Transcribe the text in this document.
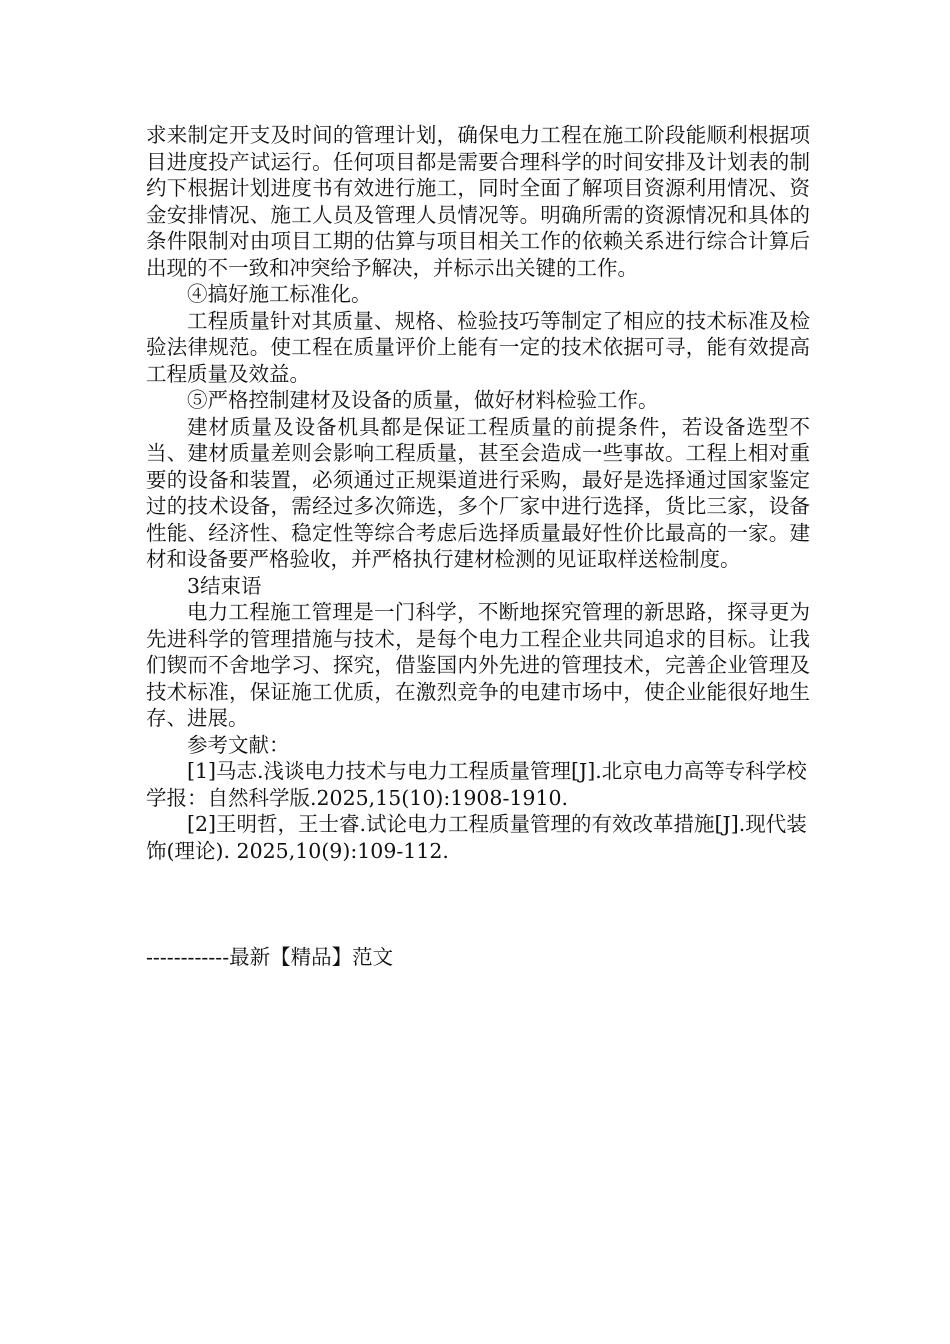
求来制定开支及时间的管理计划，确保电力工程在施工阶段能顺利根据项目进度投产试运行。任何项目都是需要合理科学的时间安排及计划表的制约下根据计划进度书有效进行施工，同时全面了解项目资源利用情况、资金安排情况、施工人员及管理人员情况等。明确所需的资源情况和具体的条件限制对由项目工期的估算与项目相关工作的依赖关系进行综合计算后出现的不一致和冲突给予解决，并标示出关键的工作。

④搞好施工标准化。

工程质量针对其质量、规格、检验技巧等制定了相应的技术标准及检验法律规范。使工程在质量评价上能有一定的技术依据可寻，能有效提高工程质量及效益。

⑤严格控制建材及设备的质量，做好材料检验工作。

建材质量及设备机具都是保证工程质量的前提条件，若设备选型不当、建材质量差则会影响工程质量，甚至会造成一些事故。工程上相对重要的设备和装置，必须通过正规渠道进行采购，最好是选择通过国家鉴定过的技术设备，需经过多次筛选，多个厂家中进行选择，货比三家，设备性能、经济性、稳定性等综合考虑后选择质量最好性价比最高的一家。建材和设备要严格验收，并严格执行建材检测的见证取样送检制度。

3结束语

电力工程施工管理是一门科学，不断地探究管理的新思路，探寻更为先进科学的管理措施与技术，是每个电力工程企业共同追求的目标。让我们锲而不舍地学习、探究，借鉴国内外先进的管理技术，完善企业管理及技术标准，保证施工优质，在激烈竞争的电建市场中，使企业能很好地生存、进展。

参考文献：

[1]马志.浅谈电力技术与电力工程质量管理[J].北京电力高等专科学校学报：自然科学版.2025,15(10):1908-1910.

[2]王明哲，王士睿.试论电力工程质量管理的有效改革措施[J].现代装饰(理论). 2025,10(9):109-112.

------------最新【精品】范文
